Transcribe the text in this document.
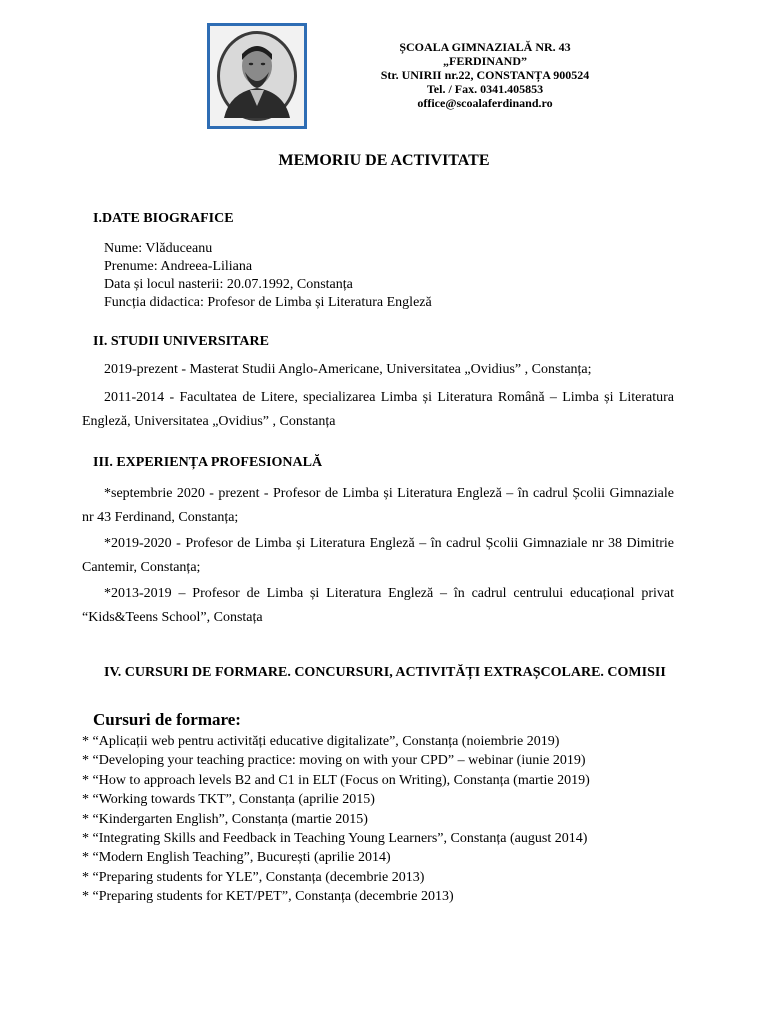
ȘCOALA GIMNAZIALĂ NR. 43
„FERDINAND”
Str. UNIRII nr.22, CONSTANȚA 900524
Tel. / Fax. 0341.405853
office@scoalaferdinand.ro
MEMORIU DE ACTIVITATE
I.DATE BIOGRAFICE
Nume: Vlăduceanu
Prenume: Andreea-Liliana
Data și locul nasterii: 20.07.1992, Constanța
Funcția didactica: Profesor de Limba și Literatura Engleză
II. STUDII UNIVERSITARE
2019-prezent - Masterat Studii Anglo-Americane, Universitatea „Ovidius” , Constanța;
2011-2014 - Facultatea de Litere, specializarea Limba și Literatura Română – Limba și Literatura Engleză, Universitatea „Ovidius” , Constanța
III. EXPERIENȚA PROFESIONALĂ
*septembrie 2020 - prezent - Profesor de Limba și Literatura Engleză – în cadrul Școlii Gimnaziale nr 43 Ferdinand, Constanța;
*2019-2020 - Profesor de Limba și Literatura Engleză – în cadrul Școlii Gimnaziale nr 38 Dimitrie Cantemir, Constanța;
*2013-2019 – Profesor de Limba și Literatura Engleză – în cadrul centrului educațional privat “Kids&Teens School”, Constața
IV. CURSURI DE FORMARE. CONCURSURI, ACTIVITĂȚI EXTRAȘCOLARE. COMISII
Cursuri de formare:
* “Aplicații web pentru activități educative digitalizate”, Constanța (noiembrie 2019)
* “Developing your teaching practice: moving on with your CPD” – webinar (iunie 2019)
* “How to approach levels B2 and C1 in ELT (Focus on Writing), Constanța (martie 2019)
* “Working towards TKT”, Constanța (aprilie 2015)
* “Kindergarten English”, Constanța (martie 2015)
* “Integrating Skills and Feedback in Teaching Young Learners”, Constanța (august 2014)
* “Modern English Teaching”, București (aprilie 2014)
* “Preparing students for YLE”, Constanța (decembrie 2013)
* “Preparing students for KET/PET”, Constanța (decembrie 2013)
